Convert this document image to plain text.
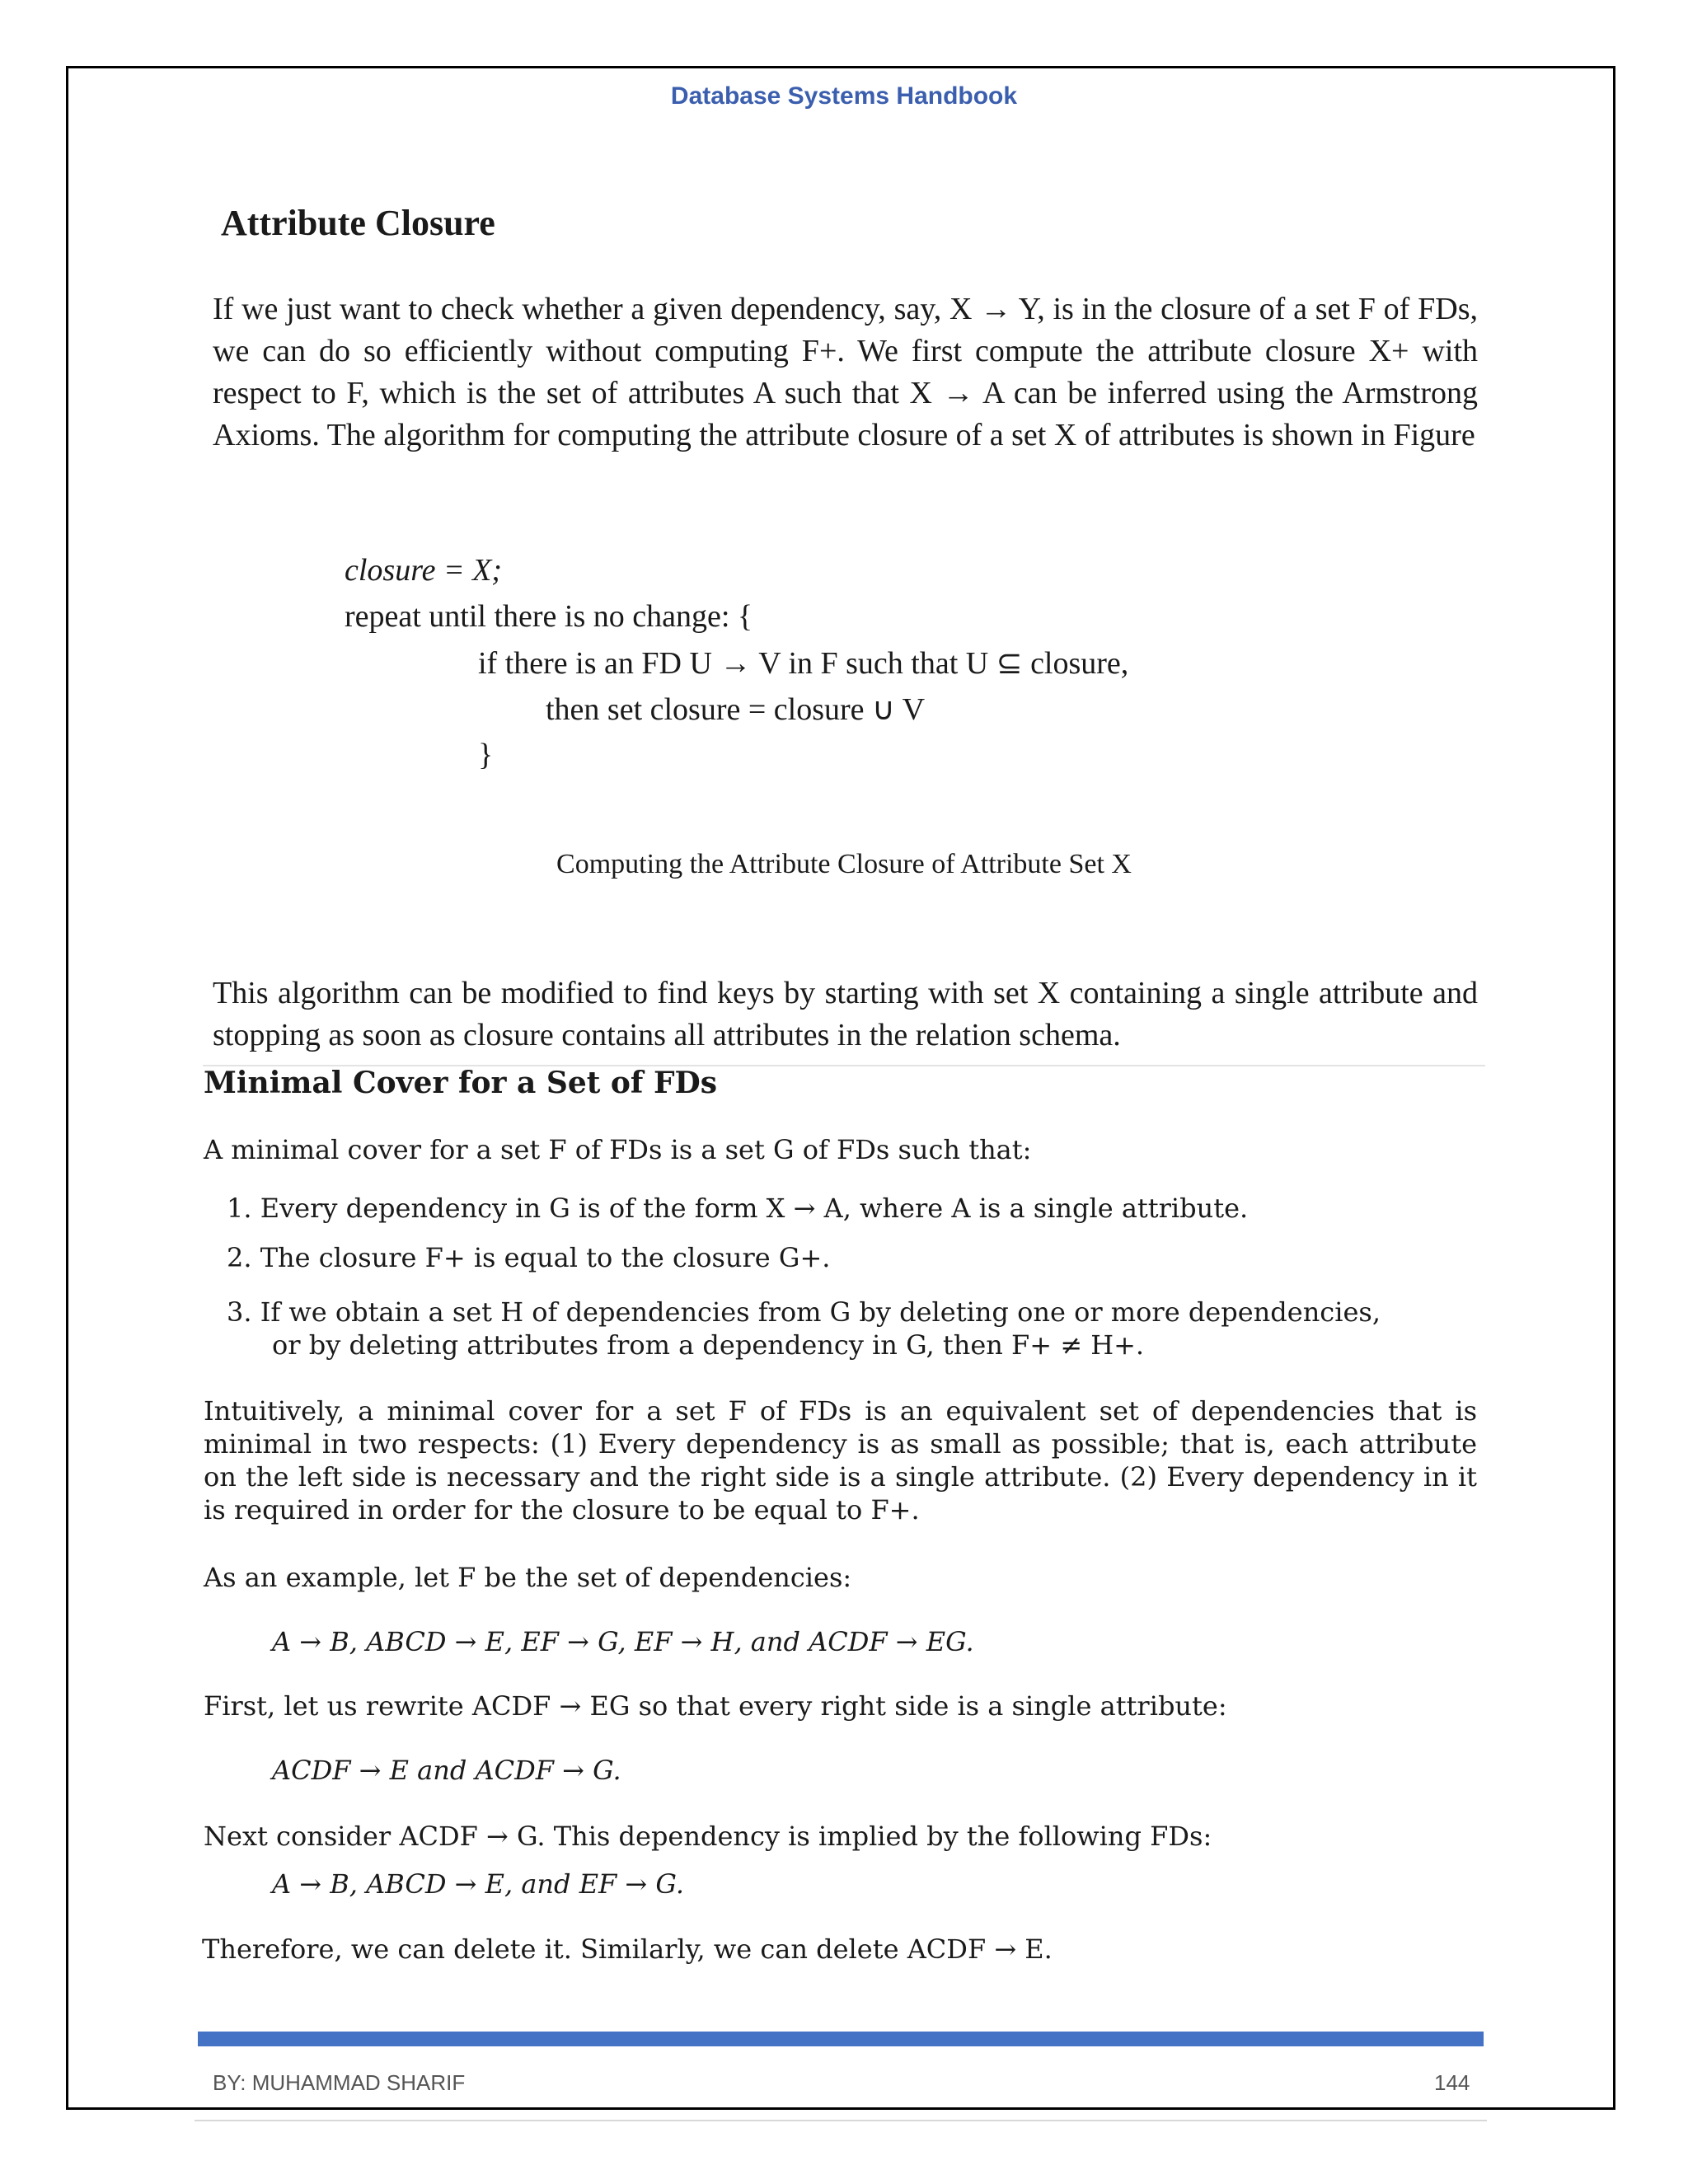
Database Systems Handbook
Attribute Closure
If we just want to check whether a given dependency, say, X → Y, is in the closure of a set F of FDs, we can do so efficiently without computing F+. We first compute the attribute closure X+ with respect to F, which is the set of attributes A such that X → A can be inferred using the Armstrong Axioms. The algorithm for computing the attribute closure of a set X of attributes is shown in Figure
closure = X;
repeat until there is no change: {
if there is an FD U → V in F such that U ⊆ closure,
then set closure = closure ∪ V
}
Computing the Attribute Closure of Attribute Set X
This algorithm can be modified to find keys by starting with set X containing a single attribute and stopping as soon as closure contains all attributes in the relation schema.
Minimal Cover for a Set of FDs
A minimal cover for a set F of FDs is a set G of FDs such that:
1. Every dependency in G is of the form X → A, where A is a single attribute.
2. The closure F+ is equal to the closure G+.
3. If we obtain a set H of dependencies from G by deleting one or more dependencies,
or by deleting attributes from a dependency in G, then F+ ≠ H+.
Intuitively, a minimal cover for a set F of FDs is an equivalent set of dependencies that is minimal in two respects: (1) Every dependency is as small as possible; that is, each attribute on the left side is necessary and the right side is a single attribute. (2) Every dependency in it is required in order for the closure to be equal to F+.
As an example, let F be the set of dependencies:
A → B, ABCD → E, EF → G, EF → H, and ACDF → EG.
First, let us rewrite ACDF → EG so that every right side is a single attribute:
ACDF → E and ACDF → G.
Next consider ACDF → G. This dependency is implied by the following FDs:
A → B, ABCD → E, and EF → G.
Therefore, we can delete it. Similarly, we can delete ACDF → E.
BY: MUHAMMAD SHARIF	144
